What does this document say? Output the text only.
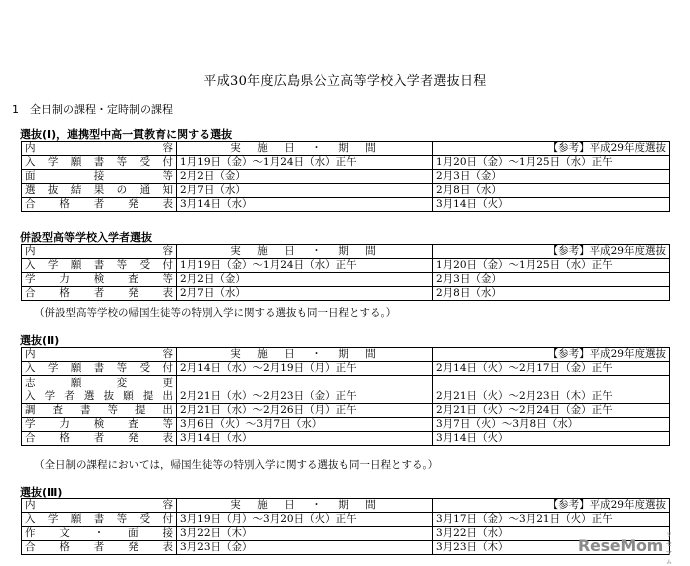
平成30年度広島県公立高等学校入学者選抜日程
1　全日制の課程・定時制の課程
選抜(Ⅰ)，連携型中高一貫教育に関する選抜
内　容	実　施　日　・　期　間	【参考】平成29年度選抜
入学願書等受付	1月19日（金）～1月24日（水）正午	1月20日（金）～1月25日（水）正午
面接等	2月2日（金）	2月3日（金）
選抜結果の通知	2月7日（水）	2月8日（水）
合格者発表	3月14日（水）	3月14日（火）
併設型高等学校入学者選抜
内　容	実　施　日　・　期　間	【参考】平成29年度選抜
入学願書等受付	1月19日（金）～1月24日（水）正午	1月20日（金）～1月25日（水）正午
学力検査等	2月2日（金）	2月3日（金）
合格者発表	2月7日（水）	2月8日（水）
（併設型高等学校の帰国生徒等の特別入学に関する選抜も同一日程とする。）
選抜(Ⅱ)
内　容	実　施　日　・　期　間	【参考】平成29年度選抜
入学願書等受付	2月14日（水）～2月19日（月）正午	2月14日（火）～2月17日（金）正午

志願変更
入学者選抜願提出	2月21日（水）～2月23日（金）正午	2月21日（火）～2月23日（木）正午
調査書等提出	2月21日（水）～2月26日（月）正午	2月21日（火）～2月24日（金）正午
学力検査等	3月6日（火）～3月7日（水）	3月7日（火）～3月8日（水）
合格者発表	3月14日（水）	3月14日（火）
（全日制の課程においては，帰国生徒等の特別入学に関する選抜も同一日程とする。）
選抜(Ⅲ)
内　容	実　施　日　・　期　間	【参考】平成29年度選抜
入学願書等受付	3月19日（月）～3月20日（火）正午	3月17日（金）～3月21日（火）正午
作文・面接	3月22日（木）	3月22日（水）
合格者発表	3月23日（金）	3月23日（木）	ReseMom
リセマム
